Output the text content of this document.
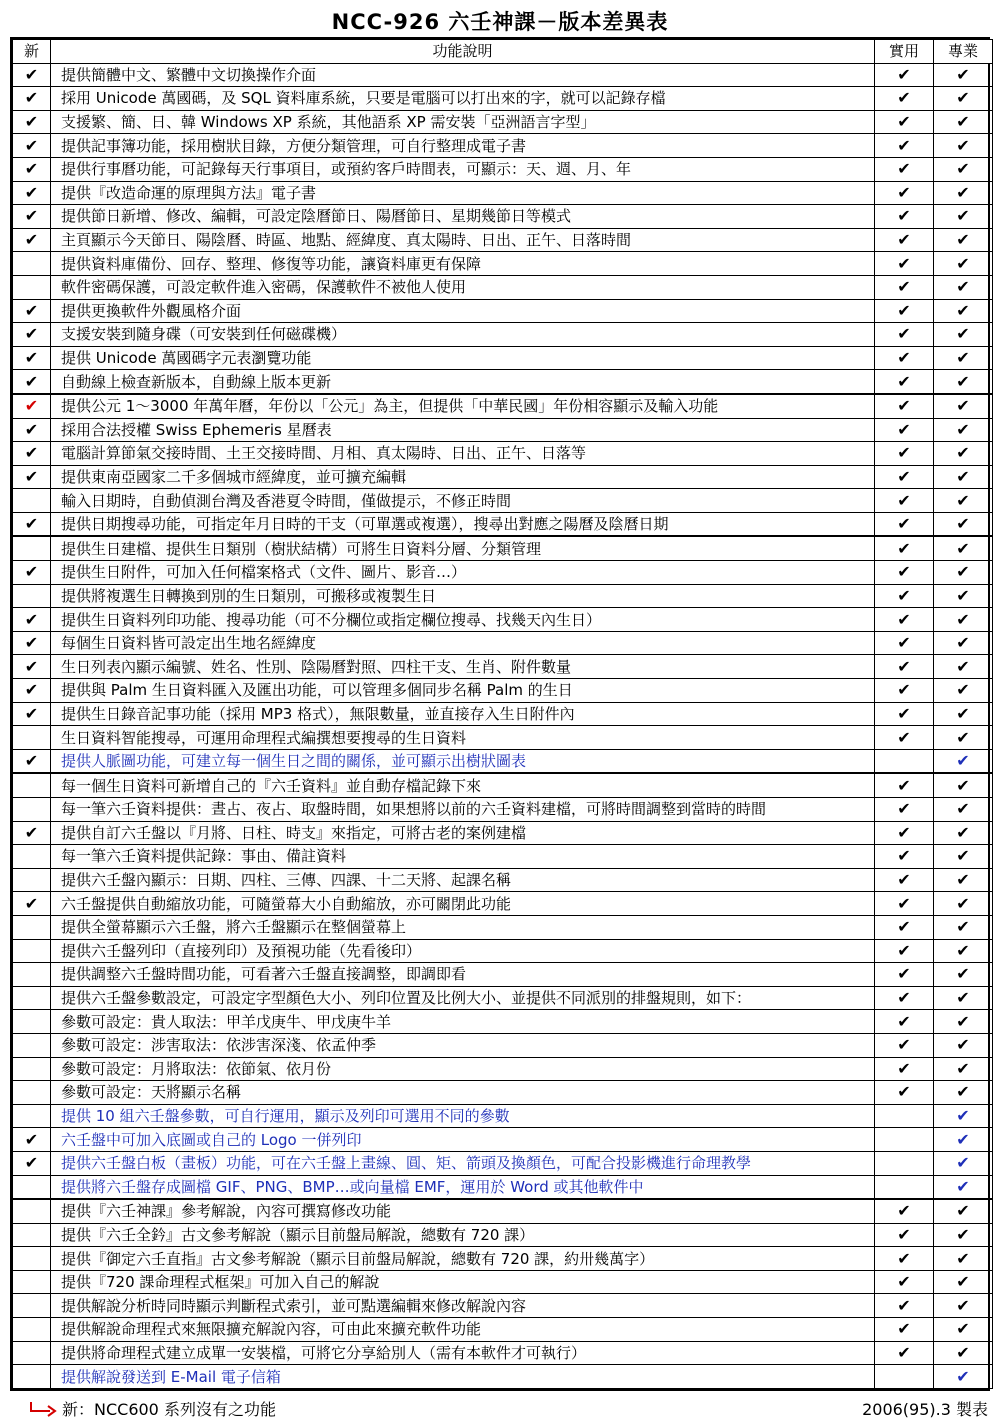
NCC-926 六壬神課－版本差異表
新	功能說明	實用	專業
✔	提供簡體中文、繁體中文切換操作介面	✔	✔
✔	採用 Unicode 萬國碼，及 SQL 資料庫系統，只要是電腦可以打出來的字，就可以記錄存檔	✔	✔
✔	支援繁、簡、日、韓 Windows XP 系統，其他語系 XP 需安裝「亞洲語言字型」	✔	✔
✔	提供記事簿功能，採用樹狀目錄，方便分類管理，可自行整理成電子書	✔	✔
✔	提供行事曆功能，可記錄每天行事項目，或預約客戶時間表，可顯示：天、週、月、年	✔	✔
✔	提供『改造命運的原理與方法』電子書	✔	✔
✔	提供節日新增、修改、編輯，可設定陰曆節日、陽曆節日、星期幾節日等模式	✔	✔
✔	主頁顯示今天節日、陽陰曆、時區、地點、經緯度、真太陽時、日出、正午、日落時間	✔	✔
	提供資料庫備份、回存、整理、修復等功能，讓資料庫更有保障	✔	✔
	軟件密碼保護，可設定軟件進入密碼，保護軟件不被他人使用	✔	✔
✔	提供更換軟件外觀風格介面	✔	✔
✔	支援安裝到隨身碟（可安裝到任何磁碟機）	✔	✔
✔	提供 Unicode 萬國碼字元表瀏覽功能	✔	✔
✔	自動線上檢查新版本，自動線上版本更新	✔	✔
✔	提供公元 1～3000 年萬年曆，年份以「公元」為主，但提供「中華民國」年份相容顯示及輸入功能	✔	✔
✔	採用合法授權 Swiss Ephemeris 星曆表	✔	✔
✔	電腦計算節氣交接時間、土王交接時間、月相、真太陽時、日出、正午、日落等	✔	✔
✔	提供東南亞國家二千多個城市經緯度，並可擴充編輯	✔	✔
	輸入日期時，自動偵測台灣及香港夏令時間，僅做提示，不修正時間	✔	✔
✔	提供日期搜尋功能，可指定年月日時的干支（可單選或複選），搜尋出對應之陽曆及陰曆日期	✔	✔
	提供生日建檔、提供生日類別（樹狀結構）可將生日資料分層、分類管理	✔	✔
✔	提供生日附件，可加入任何檔案格式（文件、圖片、影音…）	✔	✔
	提供將複選生日轉換到別的生日類別，可搬移或複製生日	✔	✔
✔	提供生日資料列印功能、搜尋功能（可不分欄位或指定欄位搜尋、找幾天內生日）	✔	✔
✔	每個生日資料皆可設定出生地名經緯度	✔	✔
✔	生日列表內顯示編號、姓名、性別、陰陽曆對照、四柱干支、生肖、附件數量	✔	✔
✔	提供與 Palm 生日資料匯入及匯出功能，可以管理多個同步名稱 Palm 的生日	✔	✔
✔	提供生日錄音記事功能（採用 MP3 格式），無限數量，並直接存入生日附件內	✔	✔
	生日資料智能搜尋，可運用命理程式編撰想要搜尋的生日資料	✔	✔
✔	提供人脈圖功能，可建立每一個生日之間的關係，並可顯示出樹狀圖表		✔
	每一個生日資料可新增自己的『六壬資料』並自動存檔記錄下來	✔	✔
	每一筆六壬資料提供：晝占、夜占、取盤時間，如果想將以前的六壬資料建檔，可將時間調整到當時的時間	✔	✔
✔	提供自訂六壬盤以『月將、日柱、時支』來指定，可將古老的案例建檔	✔	✔
	每一筆六壬資料提供記錄：事由、備註資料	✔	✔
	提供六壬盤內顯示：日期、四柱、三傳、四課、十二天將、起課名稱	✔	✔
✔	六壬盤提供自動縮放功能，可隨螢幕大小自動縮放，亦可關閉此功能	✔	✔
	提供全螢幕顯示六壬盤，將六壬盤顯示在整個螢幕上	✔	✔
	提供六壬盤列印（直接列印）及預視功能（先看後印）	✔	✔
	提供調整六壬盤時間功能，可看著六壬盤直接調整，即調即看	✔	✔
	提供六壬盤參數設定，可設定字型顏色大小、列印位置及比例大小、並提供不同派別的排盤規則，如下：	✔	✔
	參數可設定：貴人取法：甲羊戊庚牛、甲戊庚牛羊	✔	✔
	參數可設定：涉害取法：依涉害深淺、依孟仲季	✔	✔
	參數可設定：月將取法：依節氣、依月份	✔	✔
	參數可設定：天將顯示名稱	✔	✔
	提供 10 組六壬盤參數，可自行運用，顯示及列印可選用不同的參數		✔
✔	六壬盤中可加入底圖或自己的 Logo 一併列印		✔
✔	提供六壬盤白板（畫板）功能，可在六壬盤上畫線、圓、矩、箭頭及換顏色，可配合投影機進行命理教學		✔
	提供將六壬盤存成圖檔 GIF、PNG、BMP…或向量檔 EMF，運用於 Word 或其他軟件中		✔
	提供『六壬神課』參考解說，內容可撰寫修改功能	✔	✔
	提供『六壬全鈐』古文參考解說（顯示目前盤局解說，總數有 720 課）	✔	✔
	提供『御定六壬直指』古文參考解說（顯示目前盤局解說，總數有 720 課，約卅幾萬字）	✔	✔
	提供『720 課命理程式框架』可加入自己的解說	✔	✔
	提供解說分析時同時顯示判斷程式索引，並可點選編輯來修改解說內容	✔	✔
	提供解說命理程式來無限擴充解說內容，可由此來擴充軟件功能	✔	✔
	提供將命理程式建立成單一安裝檔，可將它分享給別人（需有本軟件才可執行）	✔	✔
	提供解說發送到 E-Mail 電子信箱		✔
新：NCC600 系列沒有之功能	2006(95).3 製表
